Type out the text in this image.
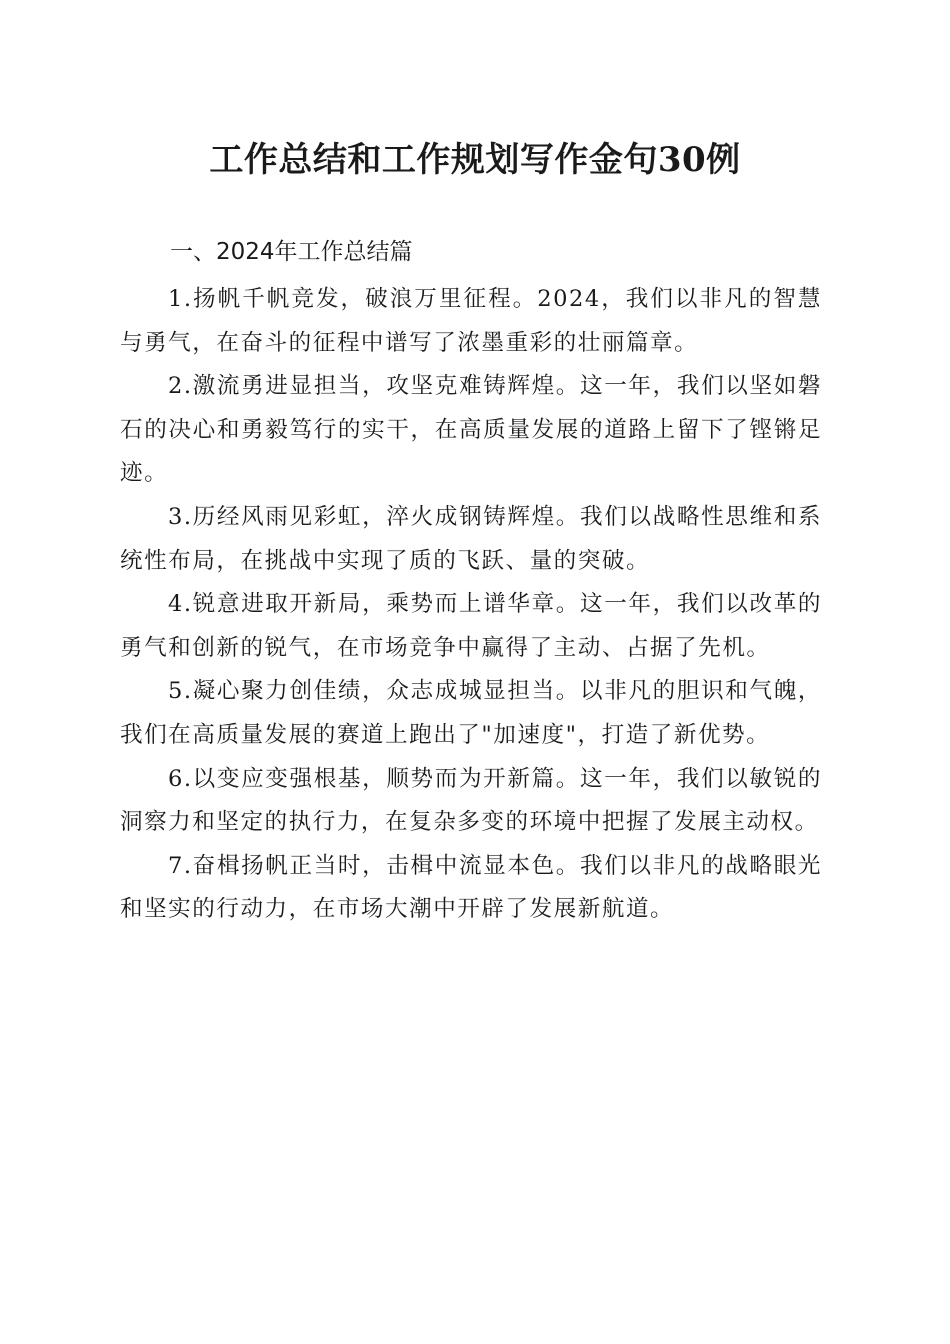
工作总结和工作规划写作金句30例
一、2024年工作总结篇

1.扬帆千帆竞发，破浪万里征程。2024，我们以非凡的智慧与勇气，在奋斗的征程中谱写了浓墨重彩的壮丽篇章。

2.激流勇进显担当，攻坚克难铸辉煌。这一年，我们以坚如磐石的决心和勇毅笃行的实干，在高质量发展的道路上留下了铿锵足迹。

3.历经风雨见彩虹，淬火成钢铸辉煌。我们以战略性思维和系统性布局，在挑战中实现了质的飞跃、量的突破。

4.锐意进取开新局，乘势而上谱华章。这一年，我们以改革的勇气和创新的锐气，在市场竞争中赢得了主动、占据了先机。

5.凝心聚力创佳绩，众志成城显担当。以非凡的胆识和气魄，我们在高质量发展的赛道上跑出了"加速度"，打造了新优势。

6.以变应变强根基，顺势而为开新篇。这一年，我们以敏锐的洞察力和坚定的执行力，在复杂多变的环境中把握了发展主动权。

7.奋楫扬帆正当时，击楫中流显本色。我们以非凡的战略眼光和坚实的行动力，在市场大潮中开辟了发展新航道。
